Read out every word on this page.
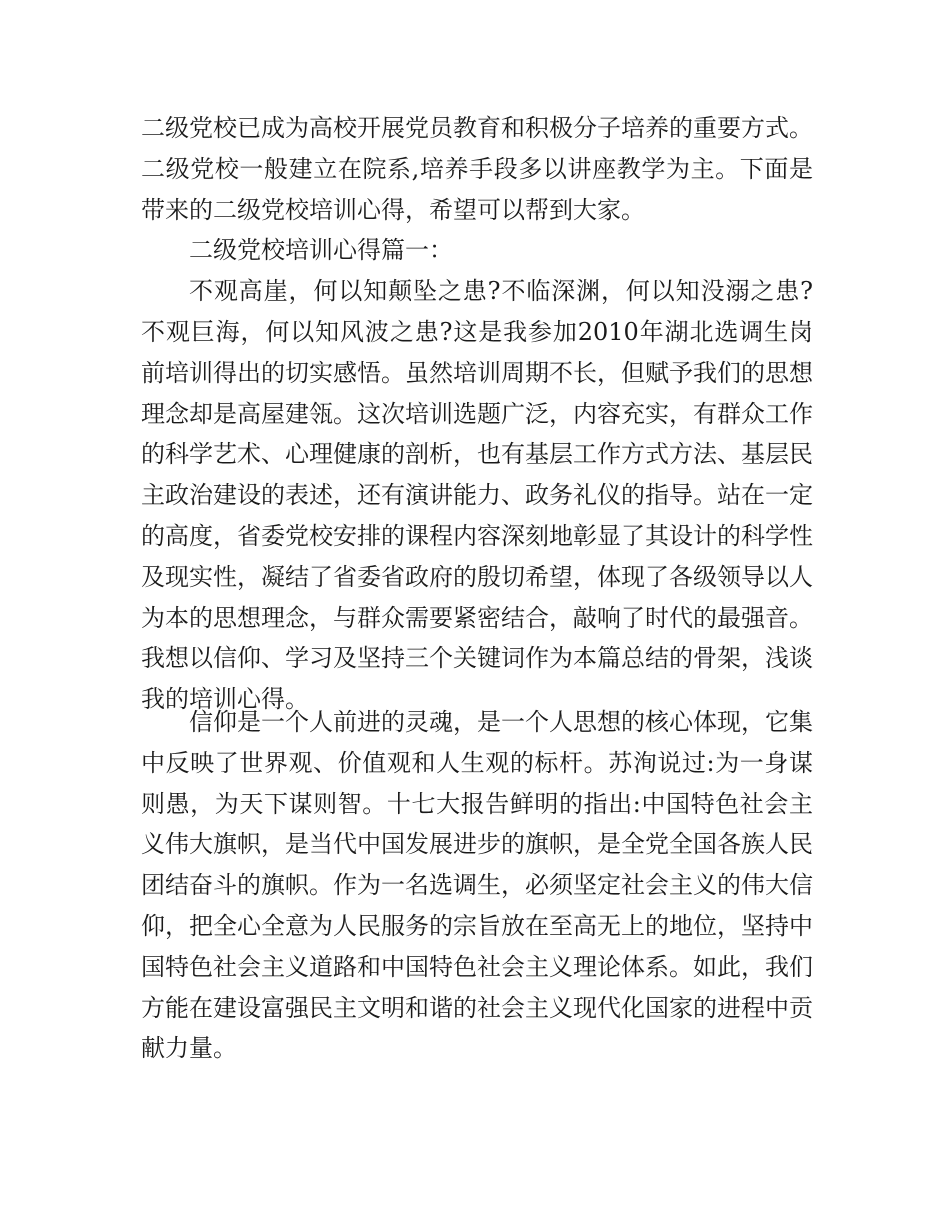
二级党校已成为高校开展党员教育和积极分子培养的重要方式。二级党校一般建立在院系,培养手段多以讲座教学为主。下面是带来的二级党校培训心得，希望可以帮到大家。

二级党校培训心得篇一：

不观高崖，何以知颠坠之患?不临深渊，何以知没溺之患?不观巨海，何以知风波之患?这是我参加2010年湖北选调生岗前培训得出的切实感悟。虽然培训周期不长，但赋予我们的思想理念却是高屋建瓴。这次培训选题广泛，内容充实，有群众工作的科学艺术、心理健康的剖析，也有基层工作方式方法、基层民主政治建设的表述，还有演讲能力、政务礼仪的指导。站在一定的高度，省委党校安排的课程内容深刻地彰显了其设计的科学性及现实性，凝结了省委省政府的殷切希望，体现了各级领导以人为本的思想理念，与群众需要紧密结合，敲响了时代的最强音。我想以信仰、学习及坚持三个关键词作为本篇总结的骨架，浅谈我的培训心得。

信仰是一个人前进的灵魂，是一个人思想的核心体现，它集中反映了世界观、价值观和人生观的标杆。苏洵说过:为一身谋则愚，为天下谋则智。十七大报告鲜明的指出:中国特色社会主义伟大旗帜，是当代中国发展进步的旗帜，是全党全国各族人民团结奋斗的旗帜。作为一名选调生，必须坚定社会主义的伟大信仰，把全心全意为人民服务的宗旨放在至高无上的地位，坚持中国特色社会主义道路和中国特色社会主义理论体系。如此，我们方能在建设富强民主文明和谐的社会主义现代化国家的进程中贡献力量。
